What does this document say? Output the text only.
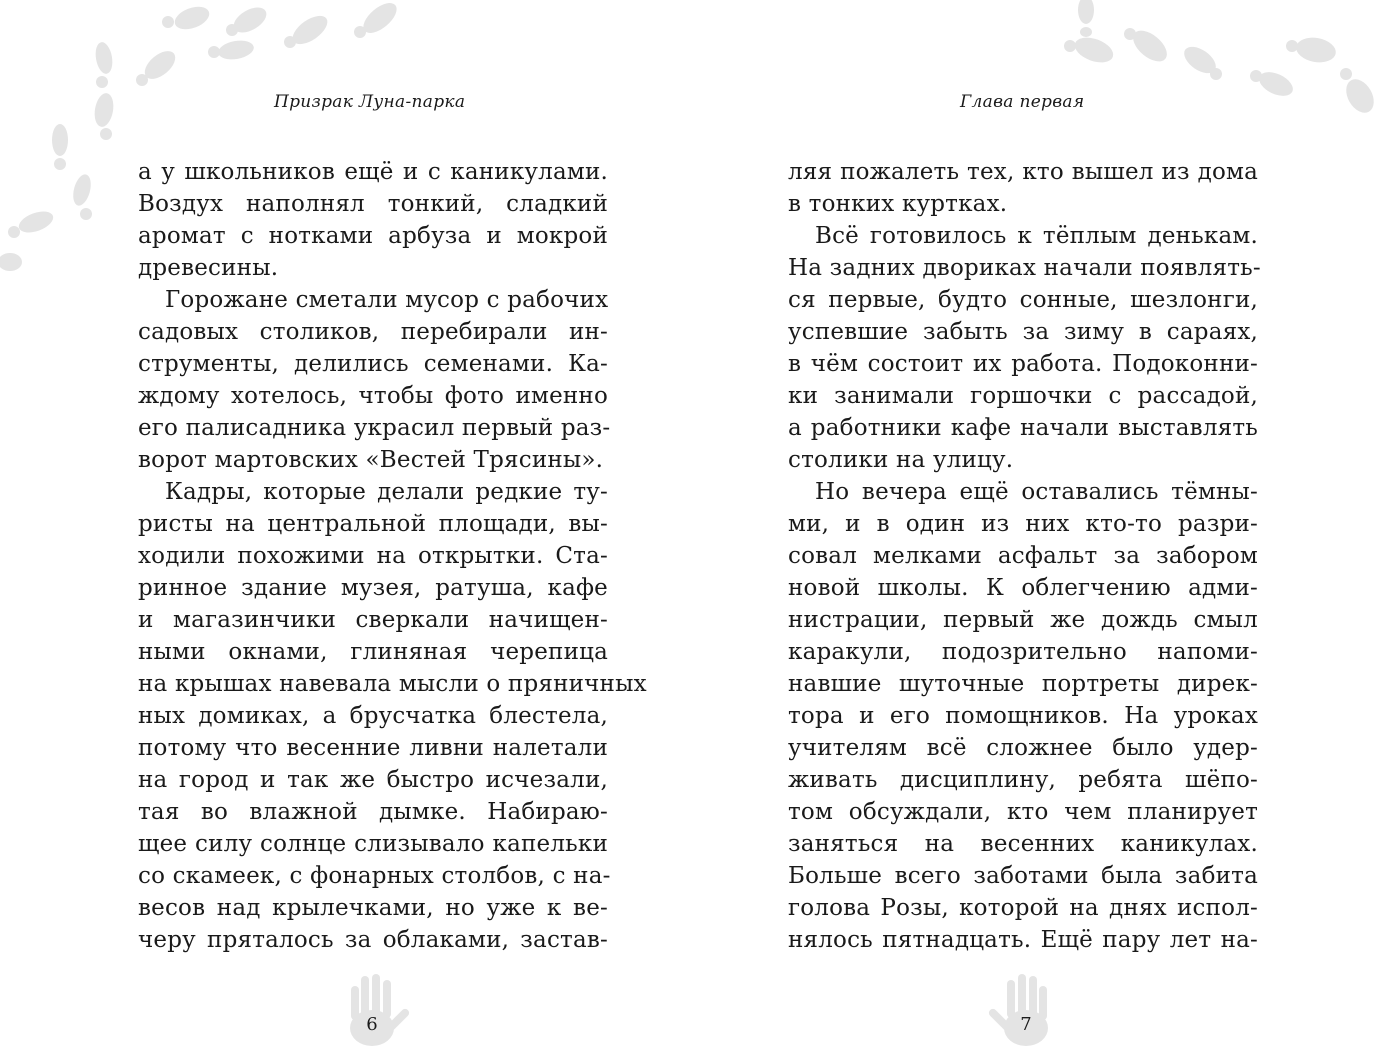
Призрак Луна-парка
а у школьников ещё и с каникулами.
Воздух наполнял тонкий, сладкий
аромат с нотками арбуза и мокрой
древесины.
Горожане сметали мусор с рабочих
садовых столиков, перебирали ин-
струменты, делились семенами. Ка-
ждому хотелось, чтобы фото именно
его палисадника украсил первый раз-
ворот мартовских «Вестей Трясины».
Кадры, которые делали редкие ту-
ристы на центральной площади, вы-
ходили похожими на открытки. Ста-
ринное здание музея, ратуша, кафе
и магазинчики сверкали начищен-
ными окнами, глиняная черепица
на крышах навевала мысли о пряничных
ных домиках, а брусчатка блестела,
потому что весенние ливни налетали
на город и так же быстро исчезали,
тая во влажной дымке. Набираю-
щее силу солнце слизывало капельки
со скамеек, с фонарных столбов, с на-
весов над крылечками, но уже к ве-
черу пряталось за облаками, застав-
6
Глава первая
ляя пожалеть тех, кто вышел из дома
в тонких куртках.
Всё готовилось к тёплым денькам.
На задних двориках начали появлять-
ся первые, будто сонные, шезлонги,
успевшие забыть за зиму в сараях,
в чём состоит их работа. Подоконни-
ки занимали горшочки с рассадой,
а работники кафе начали выставлять
столики на улицу.
Но вечера ещё оставались тёмны-
ми, и в один из них кто-то разри-
совал мелками асфальт за забором
новой школы. К облегчению адми-
нистрации, первый же дождь смыл
каракули, подозрительно напоми-
навшие шуточные портреты дирек-
тора и его помощников. На уроках
учителям всё сложнее было удер-
живать дисциплину, ребята шёпо-
том обсуждали, кто чем планирует
заняться на весенних каникулах.
Больше всего заботами была забита
голова Розы, которой на днях испол-
нялось пятнадцать. Ещё пару лет на-
7
